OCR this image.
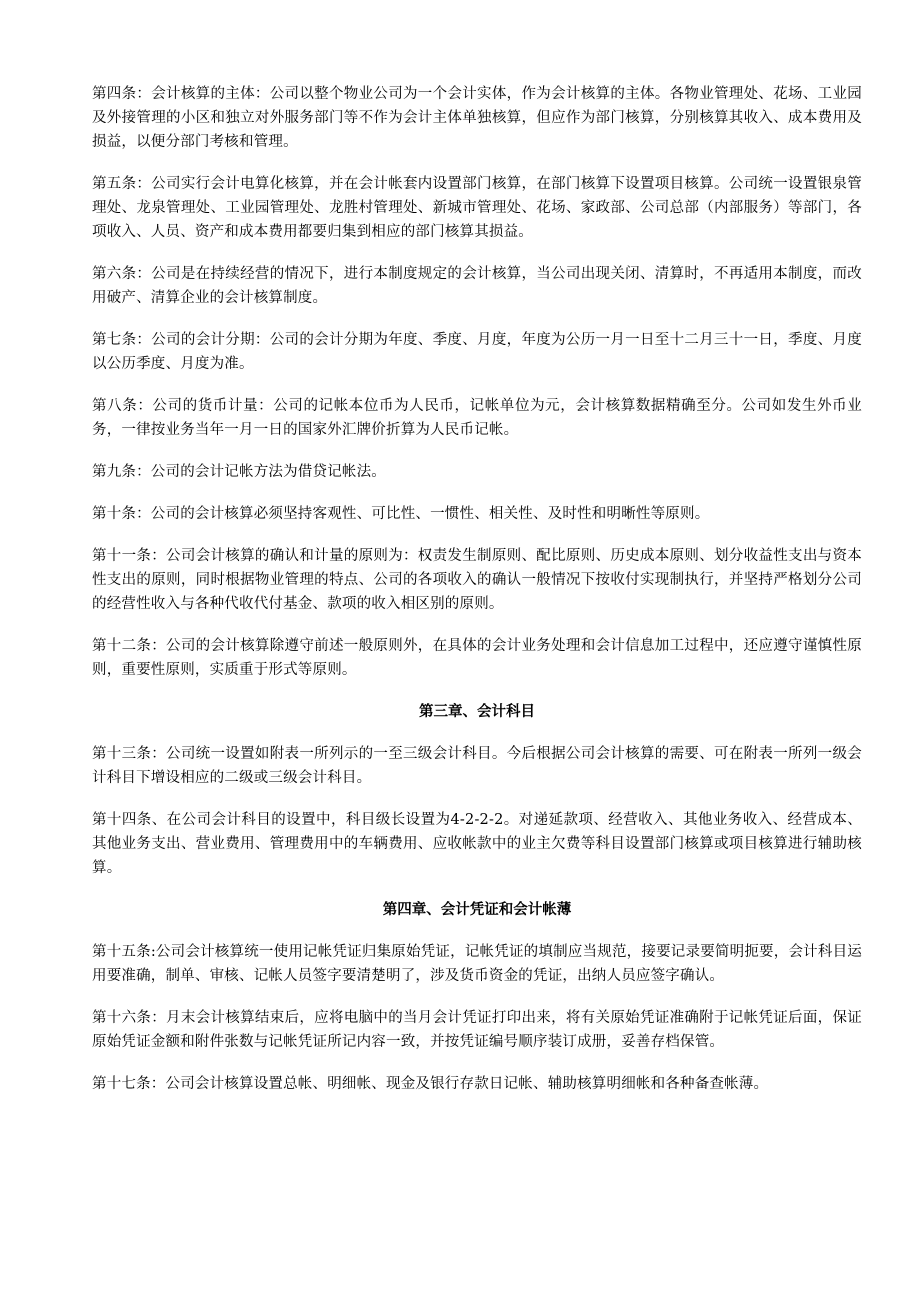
第四条：会计核算的主体：公司以整个物业公司为一个会计实体，作为会计核算的主体。各物业管理处、花场、工业园及外接管理的小区和独立对外服务部门等不作为会计主体单独核算，但应作为部门核算，分别核算其收入、成本费用及损益，以便分部门考核和管理。

第五条：公司实行会计电算化核算，并在会计帐套内设置部门核算，在部门核算下设置项目核算。公司统一设置银泉管理处、龙泉管理处、工业园管理处、龙胜村管理处、新城市管理处、花场、家政部、公司总部（内部服务）等部门，各项收入、人员、资产和成本费用都要归集到相应的部门核算其损益。

第六条：公司是在持续经营的情况下，进行本制度规定的会计核算，当公司出现关闭、清算时，不再适用本制度，而改用破产、清算企业的会计核算制度。

第七条：公司的会计分期：公司的会计分期为年度、季度、月度，年度为公历一月一日至十二月三十一日，季度、月度以公历季度、月度为准。

第八条：公司的货币计量：公司的记帐本位币为人民币，记帐单位为元，会计核算数据精确至分。公司如发生外币业务，一律按业务当年一月一日的国家外汇牌价折算为人民币记帐。

第九条：公司的会计记帐方法为借贷记帐法。

第十条：公司的会计核算必须坚持客观性、可比性、一惯性、相关性、及时性和明晰性等原则。

第十一条：公司会计核算的确认和计量的原则为：权责发生制原则、配比原则、历史成本原则、划分收益性支出与资本性支出的原则，同时根据物业管理的特点、公司的各项收入的确认一般情况下按收付实现制执行，并坚持严格划分公司的经营性收入与各种代收代付基金、款项的收入相区别的原则。

第十二条：公司的会计核算除遵守前述一般原则外，在具体的会计业务处理和会计信息加工过程中，还应遵守谨慎性原则，重要性原则，实质重于形式等原则。

第三章、会计科目

第十三条：公司统一设置如附表一所列示的一至三级会计科目。今后根据公司会计核算的需要、可在附表一所列一级会计科目下增设相应的二级或三级会计科目。

第十四条、在公司会计科目的设置中，科目级长设置为4-2-2-2。对递延款项、经营收入、其他业务收入、经营成本、其他业务支出、营业费用、管理费用中的车辆费用、应收帐款中的业主欠费等科目设置部门核算或项目核算进行辅助核算。

第四章、会计凭证和会计帐薄

第十五条:公司会计核算统一使用记帐凭证归集原始凭证，记帐凭证的填制应当规范，接要记录要简明扼要，会计科目运用要准确，制单、审核、记帐人员签字要清楚明了，涉及货币资金的凭证，出纳人员应签字确认。

第十六条：月末会计核算结束后，应将电脑中的当月会计凭证打印出来，将有关原始凭证准确附于记帐凭证后面，保证原始凭证金额和附件张数与记帐凭证所记内容一致，并按凭证编号顺序装订成册，妥善存档保管。

第十七条：公司会计核算设置总帐、明细帐、现金及银行存款日记帐、辅助核算明细帐和各种备查帐薄。
